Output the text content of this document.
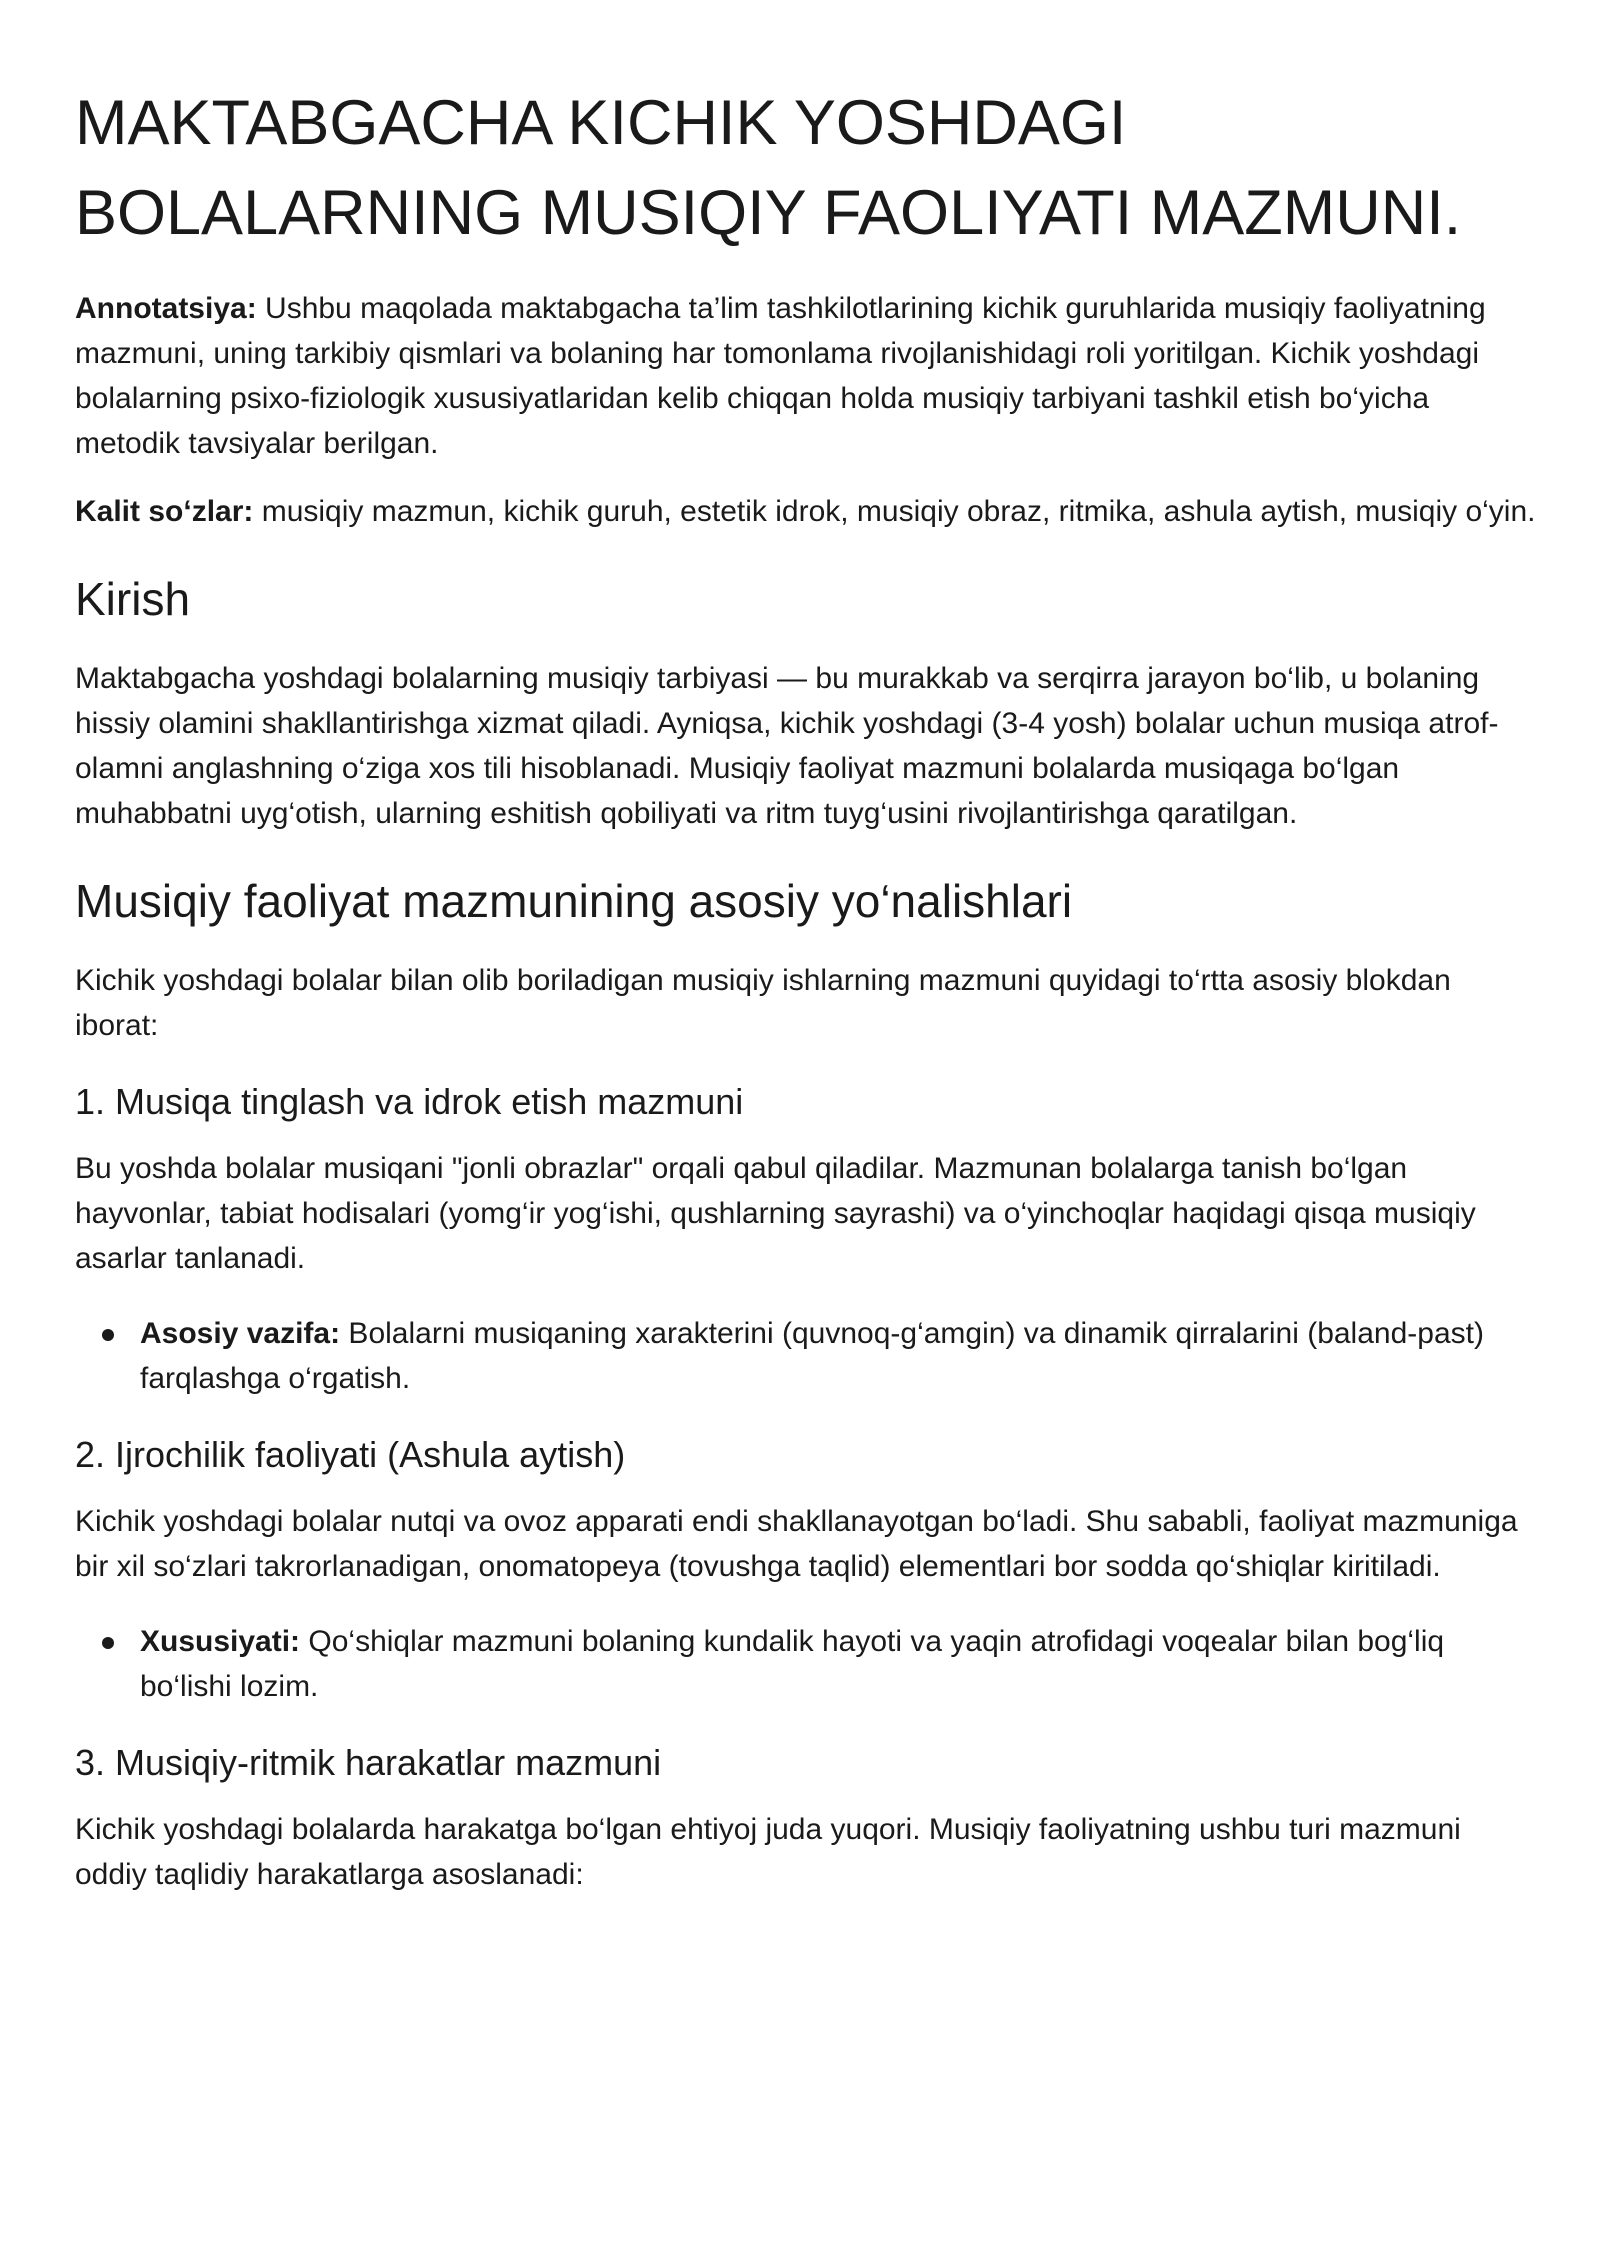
MAKTABGACHA KICHIK YOSHDAGI BOLALARNING MUSIQIY FAOLIYATI MAZMUNI.

Annotatsiya: Ushbu maqolada maktabgacha ta’lim tashkilotlarining kichik guruhlarida musiqiy faoliyatning mazmuni, uning tarkibiy qismlari va bolaning har tomonlama rivojlanishidagi roli yoritilgan. Kichik yoshdagi bolalarning psixo-fiziologik xususiyatlaridan kelib chiqqan holda musiqiy tarbiyani tashkil etish bo‘yicha metodik tavsiyalar berilgan.

Kalit so‘zlar: musiqiy mazmun, kichik guruh, estetik idrok, musiqiy obraz, ritmika, ashula aytish, musiqiy o‘yin.

Kirish

Maktabgacha yoshdagi bolalarning musiqiy tarbiyasi — bu murakkab va serqirra jarayon bo‘lib, u bolaning hissiy olamini shakllantirishga xizmat qiladi. Ayniqsa, kichik yoshdagi (3-4 yosh) bolalar uchun musiqa atrof-olamni anglashning o‘ziga xos tili hisoblanadi. Musiqiy faoliyat mazmuni bolalarda musiqaga bo‘lgan muhabbatni uyg‘otish, ularning eshitish qobiliyati va ritm tuyg‘usini rivojlantirishga qaratilgan.

Musiqiy faoliyat mazmunining asosiy yo‘nalishlari

Kichik yoshdagi bolalar bilan olib boriladigan musiqiy ishlarning mazmuni quyidagi to‘rtta asosiy blokdan iborat:

1. Musiqa tinglash va idrok etish mazmuni

Bu yoshda bolalar musiqani "jonli obrazlar" orqali qabul qiladilar. Mazmunan bolalarga tanish bo‘lgan hayvonlar, tabiat hodisalari (yomg‘ir yog‘ishi, qushlarning sayrashi) va o‘yinchoqlar haqidagi qisqa musiqiy asarlar tanlanadi.

Asosiy vazifa: Bolalarni musiqaning xarakterini (quvnoq-g‘amgin) va dinamik qirralarini (baland-past) farqlashga o‘rgatish.
2. Ijrochilik faoliyati (Ashula aytish)

Kichik yoshdagi bolalar nutqi va ovoz apparati endi shakllanayotgan bo‘ladi. Shu sababli, faoliyat mazmuniga bir xil so‘zlari takrorlanadigan, onomatopeya (tovushga taqlid) elementlari bor sodda qo‘shiqlar kiritiladi.

Xususiyati: Qo‘shiqlar mazmuni bolaning kundalik hayoti va yaqin atrofidagi voqealar bilan bog‘liq bo‘lishi lozim.
3. Musiqiy-ritmik harakatlar mazmuni

Kichik yoshdagi bolalarda harakatga bo‘lgan ehtiyoj juda yuqori. Musiqiy faoliyatning ushbu turi mazmuni oddiy taqlidiy harakatlarga asoslanadi:
